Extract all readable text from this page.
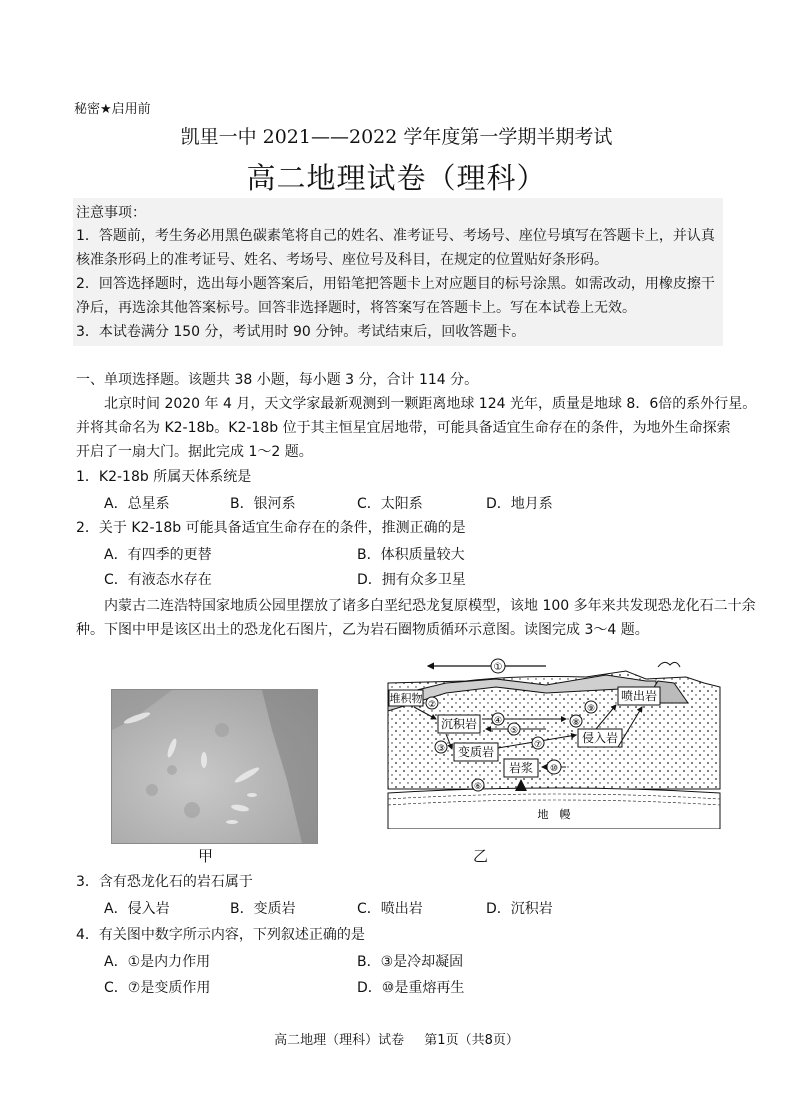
秘密★启用前
凯里一中 2021——2022 学年度第一学期半期考试
高二地理试卷（理科）
注意事项：
1．答题前，考生务必用黑色碳素笔将自己的姓名、准考证号、考场号、座位号填写在答题卡上，并认真
核准条形码上的准考证号、姓名、考场号、座位号及科目，在规定的位置贴好条形码。
2．回答选择题时，选出每小题答案后，用铅笔把答题卡上对应题目的标号涂黑。如需改动，用橡皮擦干
净后，再选涂其他答案标号。回答非选择题时，将答案写在答题卡上。写在本试卷上无效。
3．本试卷满分 150 分，考试用时 90 分钟。考试结束后，回收答题卡。
一、单项选择题。该题共 38 小题，每小题 3 分，合计 114 分。
北京时间 2020 年 4 月，天文学家最新观测到一颗距离地球 124 光年，质量是地球 8．6倍的系外行星。
并将其命名为 K2-18b。K2-18b 位于其主恒星宜居地带，可能具备适宜生命存在的条件，为地外生命探索
开启了一扇大门。据此完成 1～2 题。
1．K2-18b 所属天体系统是
A．总星系	B．银河系	C．太阳系	D．地月系
2．关于 K2-18b 可能具备适宜生命存在的条件，推测正确的是
A．有四季的更替	B．体积质量较大
C．有液态水存在	D．拥有众多卫星
内蒙古二连浩特国家地质公园里摆放了诸多白垩纪恐龙复原模型，该地 100 多年来共发现恐龙化石二十余
种。下图中甲是该区出土的恐龙化石图片，乙为岩石圈物质循环示意图。读图完成 3～4 题。
甲
①
堆积物
沉积岩
变质岩
岩浆
侵入岩
喷出岩
②
③
④
⑤
⑦
⑧
⑨
⑩
⑥
地　幔
乙
3．含有恐龙化石的岩石属于
A．侵入岩	B．变质岩	C．喷出岩	D．沉积岩
4．有关图中数字所示内容，下列叙述正确的是
A．①是内力作用	B．③是冷却凝固
C．⑦是变质作用	D．⑩是重熔再生
高二地理（理科）试卷 第1页（共8页）
